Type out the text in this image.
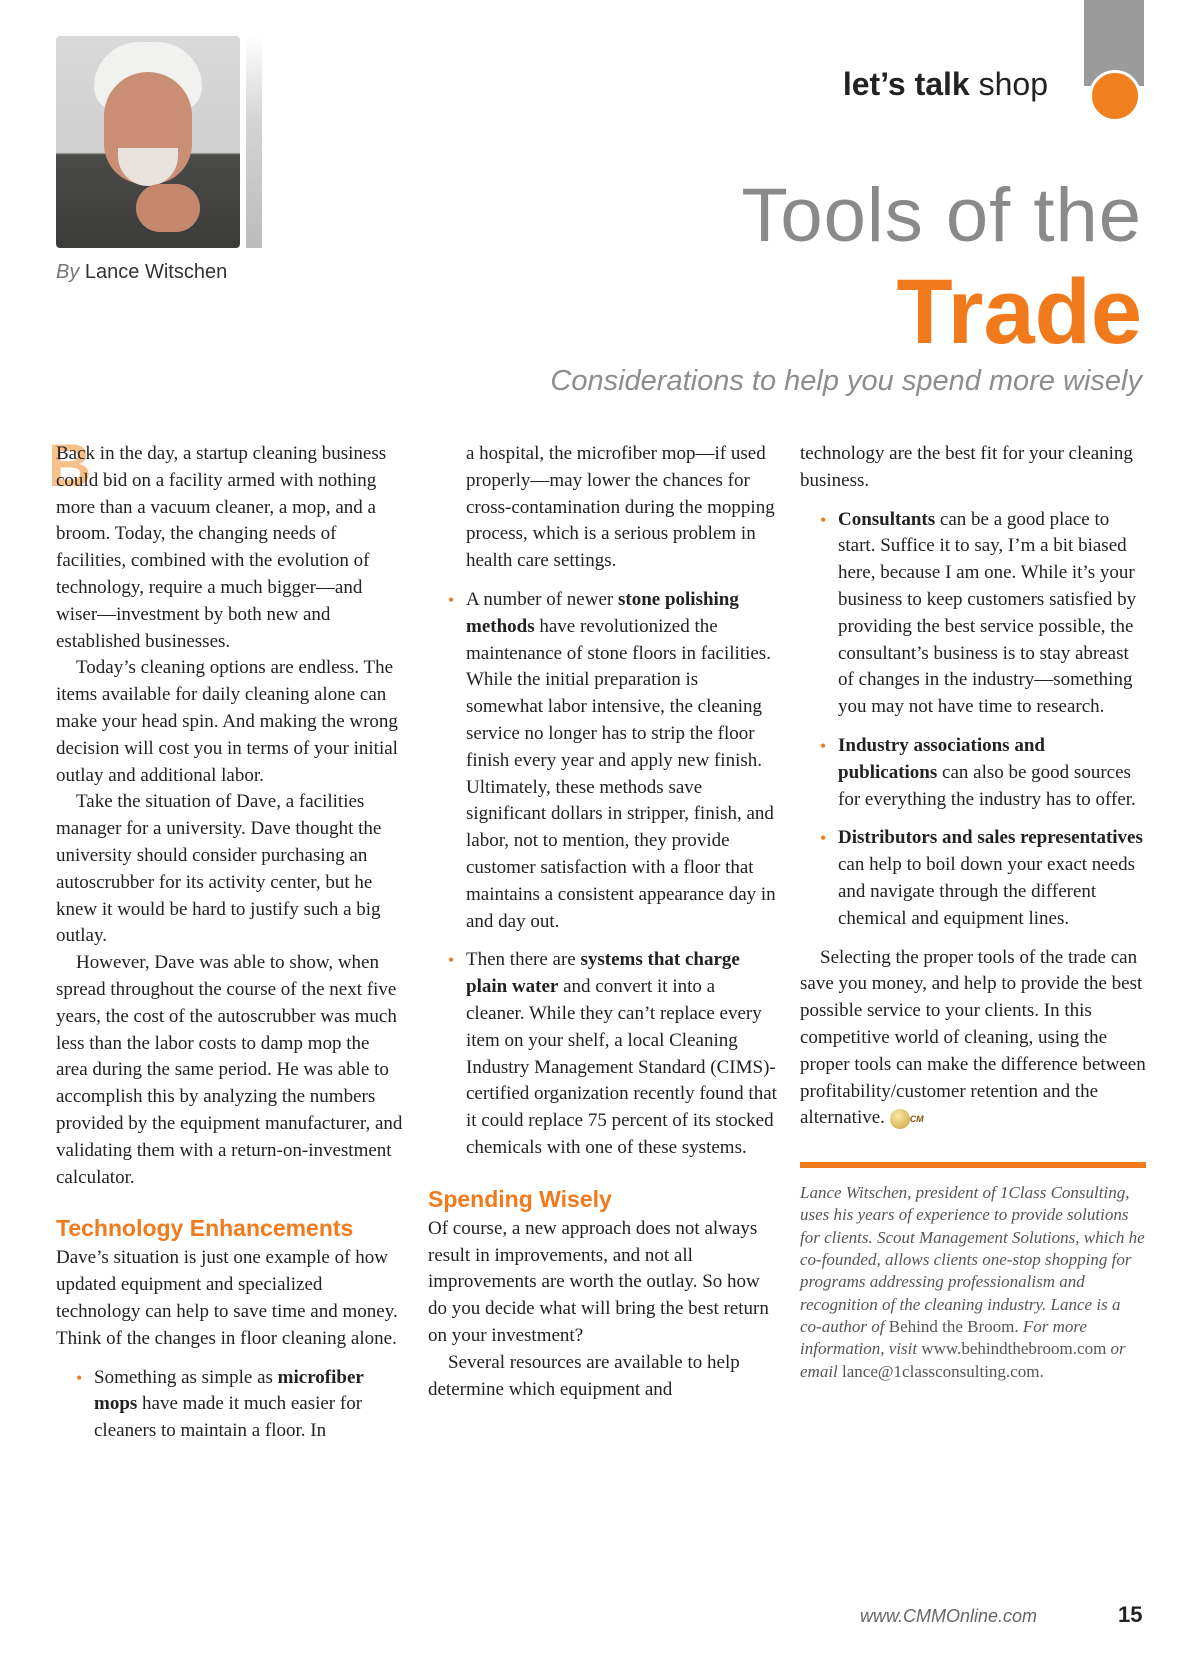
By Lance Witschen
let’s talk shop
Tools of the
Trade
Considerations to help you spend more wisely

B
Back in the day, a startup cleaning business could bid on a facility armed with nothing more than a vacuum cleaner, a mop, and a broom. Today, the changing needs of facilities, combined with the evolution of technology, require a much bigger—and wiser—investment by both new and established businesses.

Today’s cleaning options are endless. The items available for daily cleaning alone can make your head spin. And making the wrong decision will cost you in terms of your initial outlay and additional labor.

Take the situation of Dave, a facilities manager for a university. Dave thought the university should consider purchasing an autoscrubber for its activity center, but he knew it would be hard to justify such a big outlay.

However, Dave was able to show, when spread throughout the course of the next five years, the cost of the autoscrubber was much less than the labor costs to damp mop the area during the same period. He was able to accomplish this by analyzing the numbers provided by the equipment manufacturer, and validating them with a return-on-investment calculator.

Technology Enhancements

Dave’s situation is just one example of how updated equipment and specialized technology can help to save time and money. Think of the changes in floor cleaning alone.

• Something as simple as microfiber mops have made it much easier for cleaners to maintain a floor. In

a hospital, the microfiber mop—if used properly—may lower the chances for cross-contamination during the mopping process, which is a serious problem in health care settings.

• A number of newer stone polishing methods have revolutionized the maintenance of stone floors in facilities. While the initial preparation is somewhat labor intensive, the cleaning service no longer has to strip the floor finish every year and apply new finish. Ultimately, these methods save significant dollars in stripper, finish, and labor, not to mention, they provide customer satisfaction with a floor that maintains a consistent appearance day in and day out.
• Then there are systems that charge plain water and convert it into a cleaner. While they can’t replace every item on your shelf, a local Cleaning Industry Management Standard (CIMS)-certified organization recently found that it could replace 75 percent of its stocked chemicals with one of these systems.
Spending Wisely

Of course, a new approach does not always result in improvements, and not all improvements are worth the outlay. So how do you decide what will bring the best return on your investment?

Several resources are available to help determine which equipment and

technology are the best fit for your cleaning business.

• Consultants can be a good place to start. Suffice it to say, I’m a bit biased here, because I am one. While it’s your business to keep customers satisfied by providing the best service possible, the consultant’s business is to stay abreast of changes in the industry—something you may not have time to research.
• Industry associations and publications can also be good sources for everything the industry has to offer.
• Distributors and sales representatives can help to boil down your exact needs and navigate through the different chemical and equipment lines.

Selecting the proper tools of the trade can save you money, and help to provide the best possible service to your clients. In this competitive world of cleaning, using the proper tools can make the difference between profitability/customer retention and the alternative.	CM

Lance Witschen, president of 1Class Consulting, uses his years of experience to provide solutions for clients. Scout Management Solutions, which he co-founded, allows clients one-stop shopping for programs addressing professionalism and recognition of the cleaning industry. Lance is a co-author of Behind the Broom. For more information, visit www.behindthebroom.com or email lance@1classconsulting.com.

www.CMMOnline.com	15
